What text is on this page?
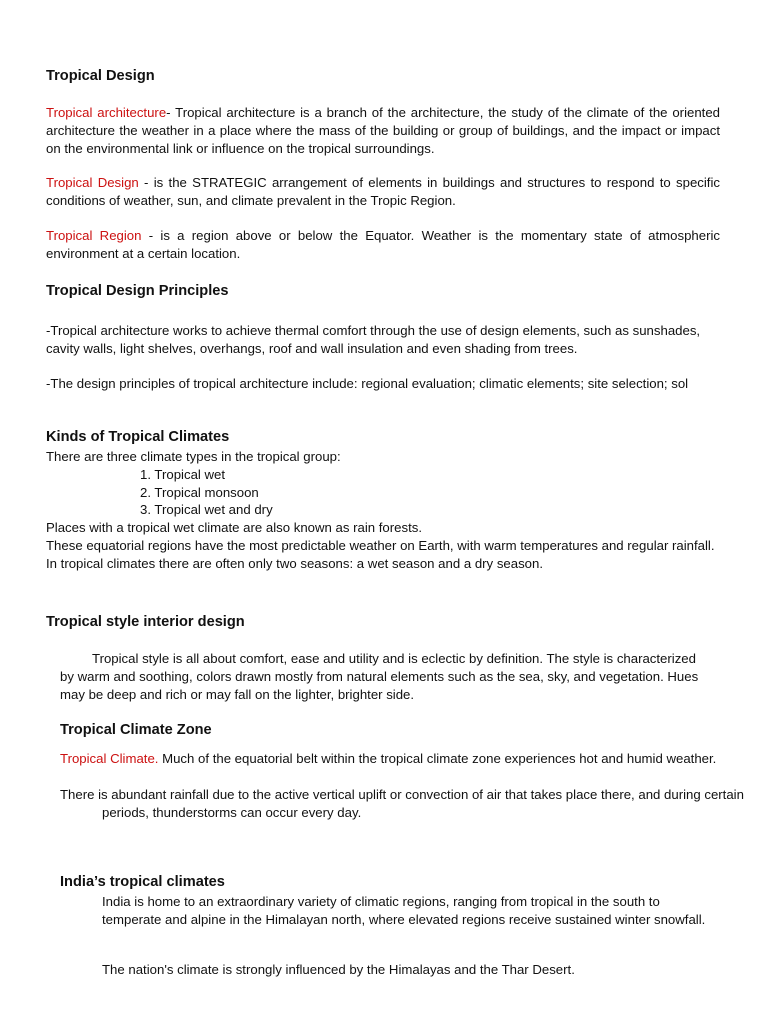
Tropical Design
Tropical architecture- Tropical architecture is a branch of the architecture, the study of the climate of the oriented architecture the weather in a place where the mass of the building or group of buildings, and the impact or impact on the environmental link or influence on the tropical surroundings.
Tropical Design - is the STRATEGIC arrangement of elements in buildings and structures to respond to specific conditions of weather, sun, and climate prevalent in the Tropic Region.
Tropical Region - is a region above or below the Equator. Weather is the momentary state of atmospheric environment at a certain location.
Tropical Design Principles
-Tropical architecture works to achieve thermal comfort through the use of design elements, such as sunshades, cavity walls, light shelves, overhangs, roof and wall insulation and even shading from trees.
-The design principles of tropical architecture include: regional evaluation; climatic elements; site selection; sol
Kinds of Tropical Climates

There are three climate types in the tropical group:

1. Tropical wet

2. Tropical monsoon

3. Tropical wet and dry

Places with a tropical wet climate are also known as rain forests.

These equatorial regions have the most predictable weather on Earth, with warm temperatures and regular rainfall.

In tropical climates there are often only two seasons: a wet season and a dry season.

Tropical style interior design
Tropical style is all about comfort, ease and utility and is eclectic by definition. The style is characterized by warm and soothing, colors drawn mostly from natural elements such as the sea, sky, and vegetation. Hues may be deep and rich or may fall on the lighter, brighter side.
Tropical Climate Zone
Tropical Climate. Much of the equatorial belt within the tropical climate zone experiences hot and humid weather.
There is abundant rainfall due to the active vertical uplift or convection of air that takes place there, and during certain periods, thunderstorms can occur every day.
India’s tropical climates
India is home to an extraordinary variety of climatic regions, ranging from tropical in the south to temperate and alpine in the Himalayan north, where elevated regions receive sustained winter snowfall.
The nation's climate is strongly influenced by the Himalayas and the Thar Desert.
